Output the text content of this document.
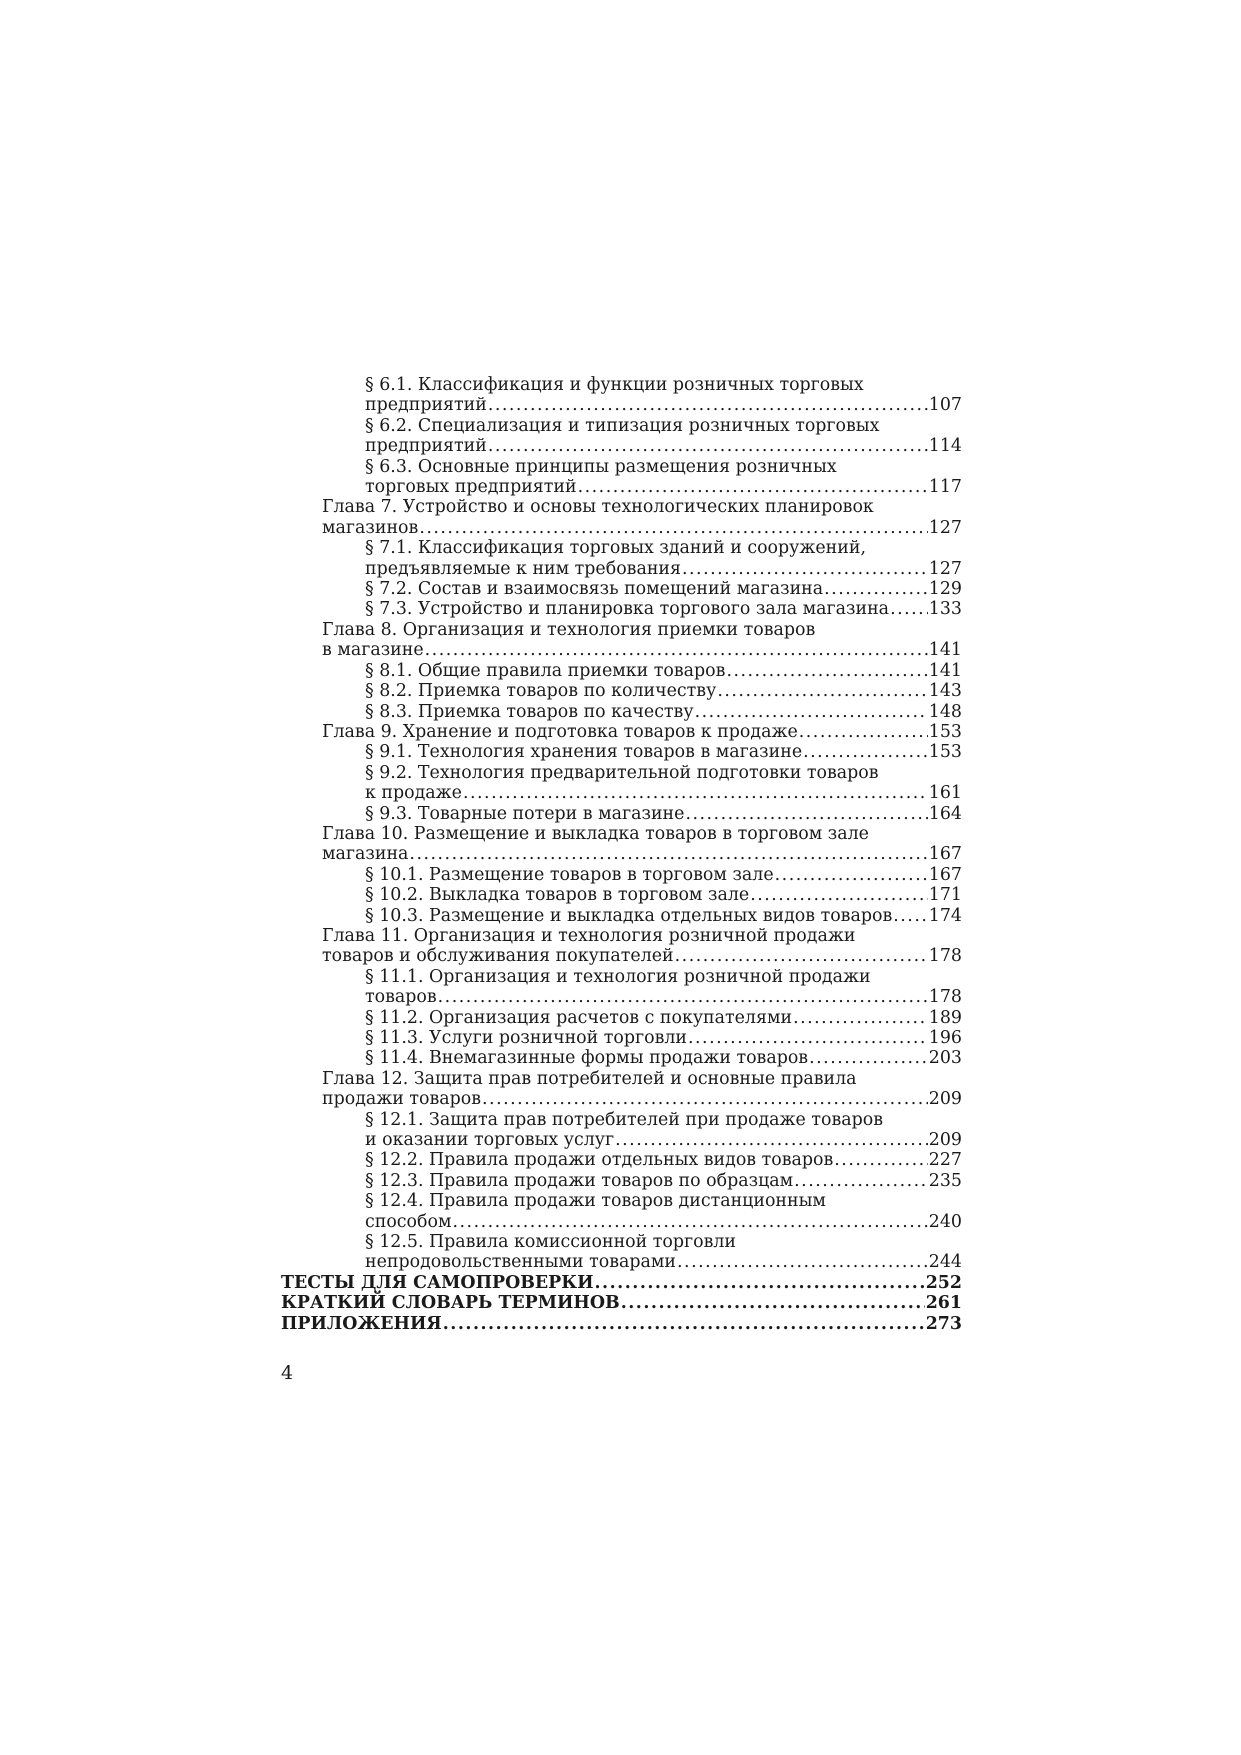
§ 6.1. Классификация и функции розничных торговых
предприятий .....	107
§ 6.2. Специализация и типизация розничных торговых
предприятий .....	114
§ 6.3. Основные принципы размещения розничных
торговых предприятий .....	117
Глава 7. Устройство и основы технологических планировок
магазинов .....	127
§ 7.1. Классификация торговых зданий и сооружений,
предъявляемые к ним требования .....	127
§ 7.2. Состав и взаимосвязь помещений магазина .....	129
§ 7.3. Устройство и планировка торгового зала магазина ..... 133
Глава 8. Организация и технология приемки товаров
в магазине .....	141
§ 8.1. Общие правила приемки товаров .....	141
§ 8.2. Приемка товаров по количеству .....	143
§ 8.3. Приемка товаров по качеству .....	148
Глава 9. Хранение и подготовка товаров к продаже .....	153
§ 9.1. Технология хранения товаров в магазине .....	153
§ 9.2. Технология предварительной подготовки товаров
к продаже .....	161
§ 9.3. Товарные потери в магазине .....	164
Глава 10. Размещение и выкладка товаров в торговом зале
магазина .....	167
§ 10.1. Размещение товаров в торговом зале .....	167
§ 10.2. Выкладка товаров в торговом зале .....	171
§ 10.3. Размещение и выкладка отдельных видов товаров ..... 174
Глава 11. Организация и технология розничной продажи
товаров и обслуживания покупателей .....	178
§ 11.1. Организация и технология розничной продажи
товаров .....	178
§ 11.2. Организация расчетов с покупателями .....	189
§ 11.3. Услуги розничной торговли .....	196
§ 11.4. Внемагазинные формы продажи товаров .....	203
Глава 12. Защита прав потребителей и основные правила
продажи товаров .....	209
§ 12.1. Защита прав потребителей при продаже товаров
и оказании торговых услуг .....	209
§ 12.2. Правила продажи отдельных видов товаров .....	227
§ 12.3. Правила продажи товаров по образцам .....	235
§ 12.4. Правила продажи товаров дистанционным
способом .....	240
§ 12.5. Правила комиссионной торговли
непродовольственными товарами .....	244
ТЕСТЫ ДЛЯ САМОПРОВЕРКИ .....	252
КРАТКИЙ СЛОВАРЬ ТЕРМИНОВ .....	261
ПРИЛОЖЕНИЯ .....	273
4
